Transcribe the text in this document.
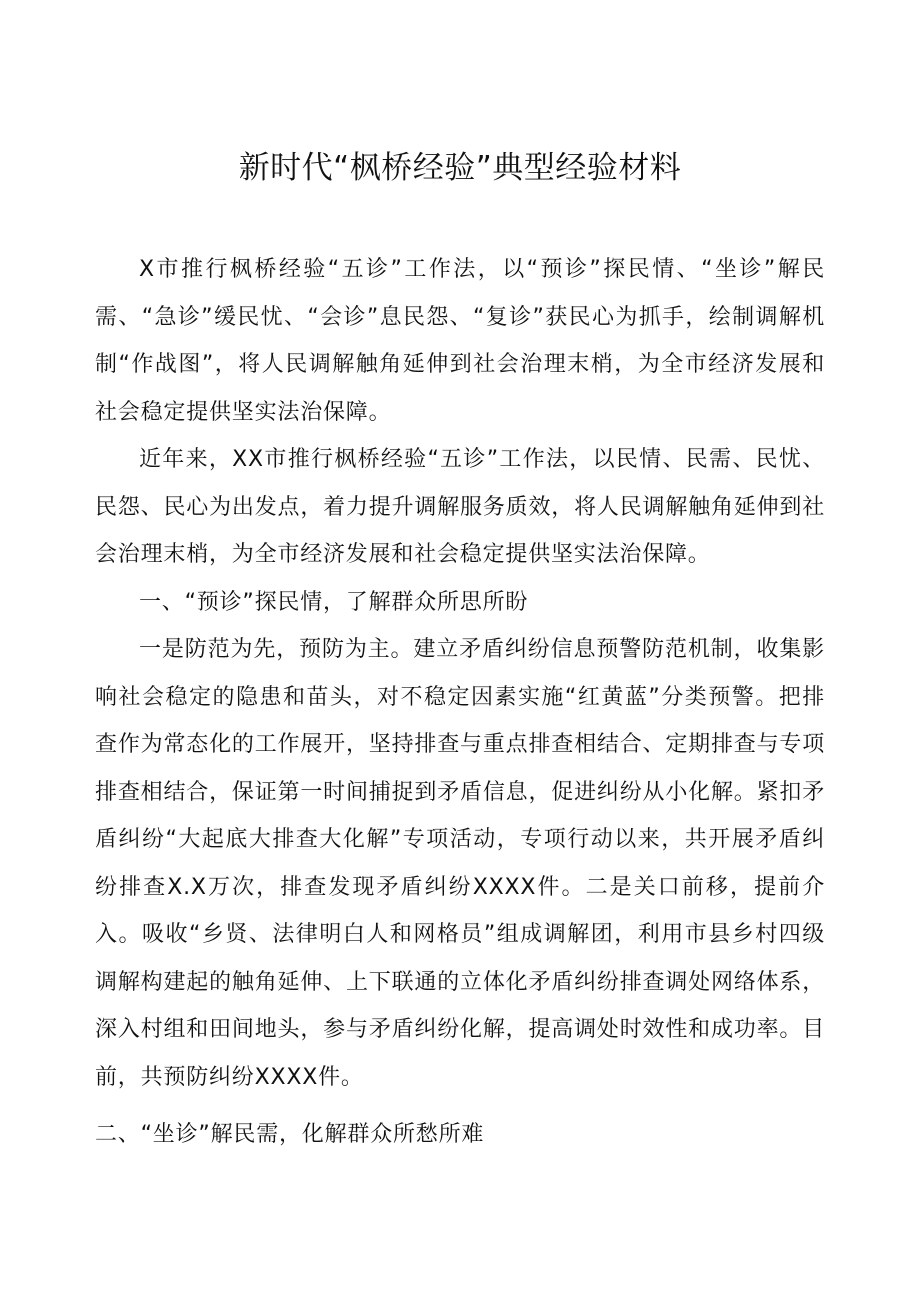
新时代“枫桥经验”典型经验材料

X市推行枫桥经验“五诊”工作法，以“预诊”探民情、“坐诊”解民需、“急诊”缓民忧、“会诊”息民怨、“复诊”获民心为抓手，绘制调解机制“作战图”，将人民调解触角延伸到社会治理末梢，为全市经济发展和社会稳定提供坚实法治保障。

近年来，XX市推行枫桥经验“五诊”工作法，以民情、民需、民忧、民怨、民心为出发点，着力提升调解服务质效，将人民调解触角延伸到社会治理末梢，为全市经济发展和社会稳定提供坚实法治保障。

一、“预诊”探民情，了解群众所思所盼

一是防范为先，预防为主。建立矛盾纠纷信息预警防范机制，收集影响社会稳定的隐患和苗头，对不稳定因素实施“红黄蓝”分类预警。把排查作为常态化的工作展开，坚持排查与重点排查相结合、定期排查与专项排查相结合，保证第一时间捕捉到矛盾信息，促进纠纷从小化解。紧扣矛盾纠纷“大起底大排查大化解”专项活动，专项行动以来，共开展矛盾纠纷排查X.X万次，排查发现矛盾纠纷XXXX件。二是关口前移，提前介入。吸收“乡贤、法律明白人和网格员”组成调解团，利用市县乡村四级调解构建起的触角延伸、上下联通的立体化矛盾纠纷排查调处网络体系，深入村组和田间地头，参与矛盾纠纷化解，提高调处时效性和成功率。目前，共预防纠纷XXXX件。

二、“坐诊”解民需，化解群众所愁所难
